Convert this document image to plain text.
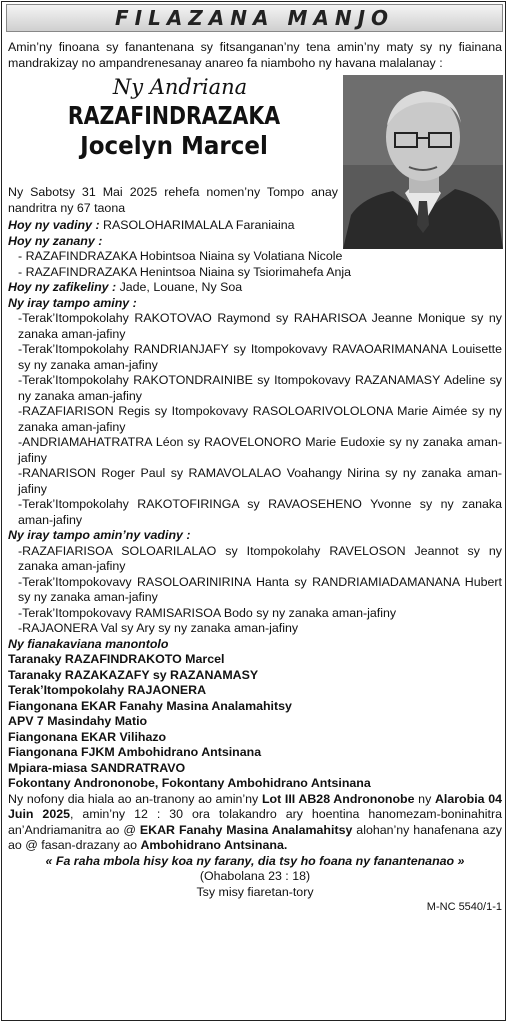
FILAZANA MANJO

Amin’ny finoana sy fanantenana sy fitsanganan’ny tena amin’ny maty sy ny fiainana mandrakizay no ampandrenesanay anareo fa niamboho ny havana malalanay :

Ny Andriana
RAZAFINDRAZAKA
Jocelyn Marcel

Ny Sabotsy 31 Mai 2025 rehefa nomen’ny Tompo anay nandritra ny 67 taona

Hoy ny vadiny : RASOLOHARIMALALA Faraniaina

Hoy ny zanany :

- RAZAFINDRAZAKA Hobintsoa Niaina sy Volatiana Nicole

- RAZAFINDRAZAKA Henintsoa Niaina sy Tsiorimahefa Anja

Hoy ny zafikeliny : Jade, Louane, Ny Soa

Ny iray tampo aminy :

-Terak’Itompokolahy RAKOTOVAO Raymond sy RAHARISOA Jeanne Monique sy ny zanaka aman-jafiny

-Terak’Itompokolahy RANDRIANJAFY sy Itompokovavy RAVAOARIMANANA Louisette sy ny zanaka aman-jafiny

-Terak’Itompokolahy RAKOTONDRAINIBE sy Itompokovavy RAZANAMASY Adeline sy ny zanaka aman-jafiny

-RAZAFIARISON Regis sy Itompokovavy RASOLOARIVOLOLONA Marie Aimée sy ny zanaka aman-jafiny

-ANDRIAMAHATRATRA Léon sy RAOVELONORO Marie Eudoxie sy ny zanaka aman-jafiny

-RANARISON Roger Paul sy RAMAVOLALAO Voahangy Nirina sy ny zanaka aman-jafiny

-Terak’Itompokolahy RAKOTOFIRINGA sy RAVAOSEHENO Yvonne sy ny zanaka aman-jafiny

Ny iray tampo amin’ny vadiny :

-RAZAFIARISOA SOLOARILALAO sy Itompokolahy RAVELOSON Jeannot sy ny zanaka aman-jafiny

-Terak’Itompokovavy RASOLOARINIRINA Hanta sy RANDRIAMIADAMANANA Hubert sy ny zanaka aman-jafiny

-Terak’Itompokovavy RAMISARISOA Bodo sy ny zanaka aman-jafiny

-RAJAONERA Val sy Ary sy ny zanaka aman-jafiny

Ny fianakaviana manontolo

Taranaky RAZAFINDRAKOTO Marcel

Taranaky RAZAKAZAFY sy RAZANAMASY

Terak’Itompokolahy RAJAONERA

Fiangonana EKAR Fanahy Masina Analamahitsy

APV 7 Masindahy Matio

Fiangonana EKAR Vilihazo

Fiangonana FJKM Ambohidrano Antsinana

Mpiara-miasa SANDRATRAVO

Fokontany Andrononobe, Fokontany Ambohidrano Antsinana

Ny nofony dia hiala ao an-tranony ao amin’ny Lot III AB28 Andrononobe ny Alarobia 04 Juin 2025, amin’ny 12 : 30 ora tolakandro ary hoentina hanomezam-boninahitra an’Andriamanitra ao @ EKAR Fanahy Masina Analamahitsy alohan’ny hanafenana azy ao @ fasan-drazany ao Ambohidrano Antsinana.

« Fa raha mbola hisy koa ny farany, dia tsy ho foana ny fanantenanao »

(Ohabolana 23 : 18)

Tsy misy fiaretan-tory

M-NC 5540/1-1
